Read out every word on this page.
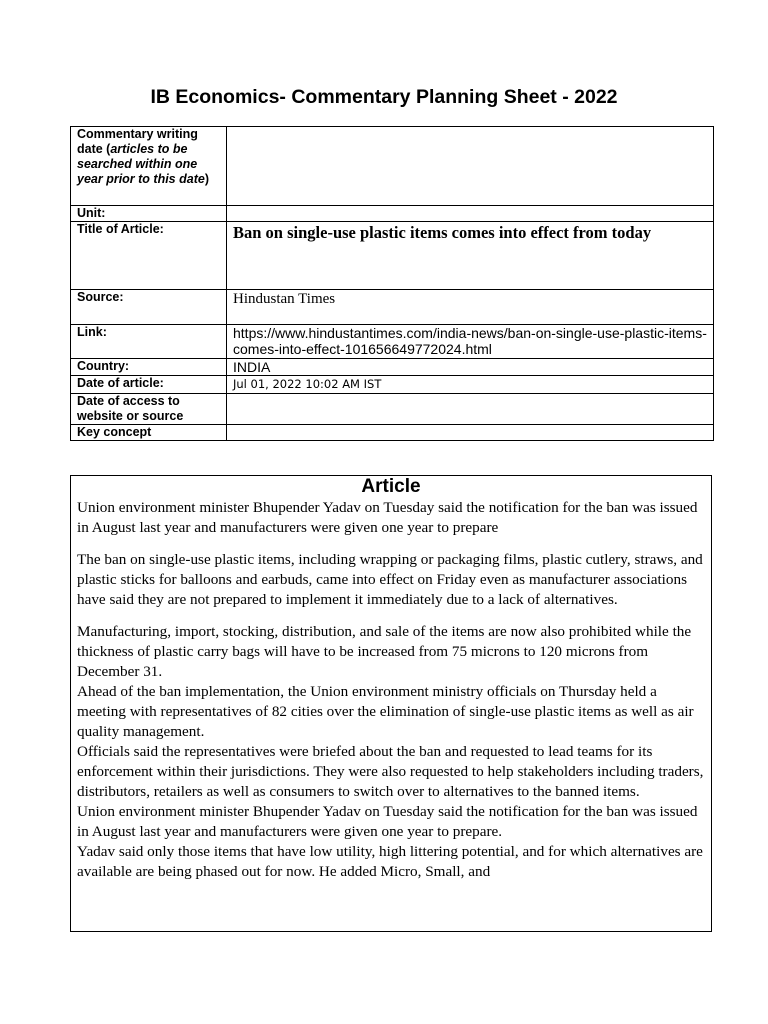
IB Economics- Commentary Planning Sheet - 2022
Commentary writing date (articles to be searched within one year prior to this date)	
Unit:	
Title of Article:	Ban on single-use plastic items comes into effect from today
Source:	Hindustan Times
Link:	https://www.hindustantimes.com/india-news/ban-on-single-use-plastic-items-comes-into-effect-101656649772024.html
Country:	INDIA
Date of article:	Jul 01, 2022 10:02 AM IST
Date of access to website or source	
Key concept	
Article

Union environment minister Bhupender Yadav on Tuesday said the notification for the ban was issued in August last year and manufacturers were given one year to prepare

The ban on single-use plastic items, including wrapping or packaging films, plastic cutlery, straws, and plastic sticks for balloons and earbuds, came into effect on Friday even as manufacturer associations have said they are not prepared to implement it immediately due to a lack of alternatives.

Manufacturing, import, stocking, distribution, and sale of the items are now also prohibited while the thickness of plastic carry bags will have to be increased from 75 microns to 120 microns from December 31.

Ahead of the ban implementation, the Union environment ministry officials on Thursday held a meeting with representatives of 82 cities over the elimination of single-use plastic items as well as air quality management.

Officials said the representatives were briefed about the ban and requested to lead teams for its enforcement within their jurisdictions. They were also requested to help stakeholders including traders, distributors, retailers as well as consumers to switch over to alternatives to the banned items.

Union environment minister Bhupender Yadav on Tuesday said the notification for the ban was issued in August last year and manufacturers were given one year to prepare.

Yadav said only those items that have low utility, high littering potential, and for which alternatives are available are being phased out for now. He added Micro, Small, and
